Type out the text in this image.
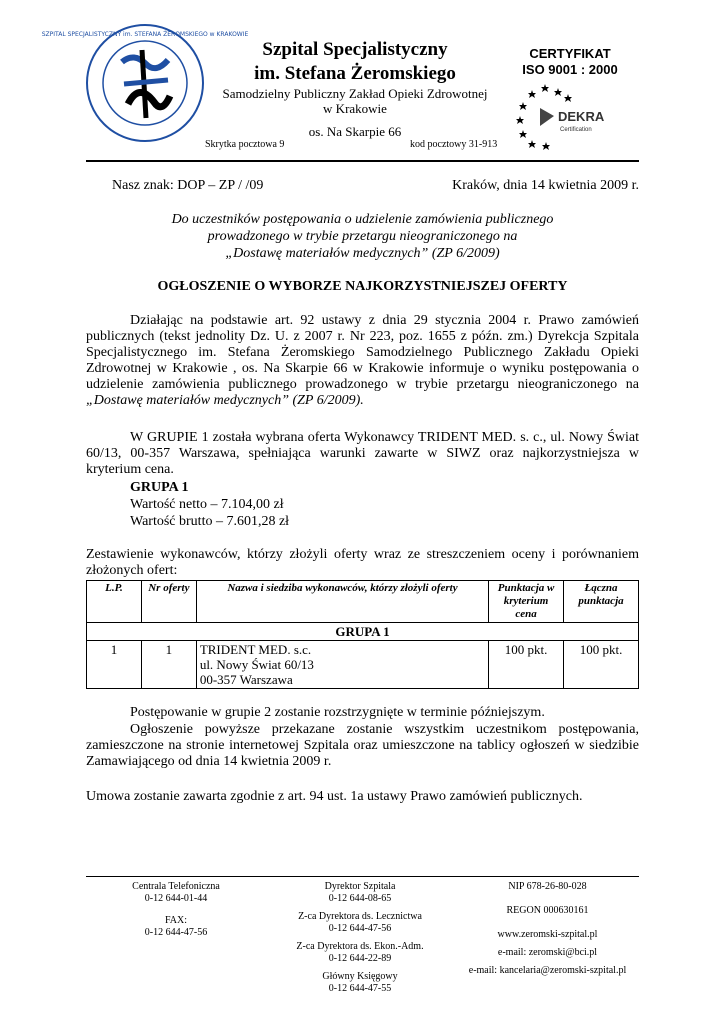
SZPITAL SPECJALISTYCZNY im. STEFANA ŻEROMSKIEGO w KRAKOWIE
Szpital Specjalistyczny
im. Stefana Żeromskiego
Samodzielny Publiczny Zakład Opieki Zdrowotnej
w Krakowie
os. Na Skarpie 66
Skrytka pocztowa 9	kod pocztowy 31-913
CERTYFIKAT
ISO 9001 : 2000
DEKRA
Certification
Nasz znak: DOP – ZP / /09	Kraków, dnia 14 kwietnia 2009 r.
Do uczestników postępowania o udzielenie zamówienia publicznego
prowadzonego w trybie przetargu nieograniczonego na
„Dostawę materiałów medycznych” (ZP 6/2009)
OGŁOSZENIE O WYBORZE NAJKORZYSTNIEJSZEJ OFERTY
Działając na podstawie art. 92 ustawy z dnia 29 stycznia 2004 r. Prawo zamówień publicznych (tekst jednolity Dz. U. z 2007 r. Nr 223, poz. 1655 z późn. zm.) Dyrekcja Szpitala Specjalistycznego im. Stefana Żeromskiego Samodzielnego Publicznego Zakładu Opieki Zdrowotnej w Krakowie , os. Na Skarpie 66 w Krakowie informuje o wyniku postępowania o udzielenie zamówienia publicznego prowadzonego w trybie przetargu nieograniczonego na „Dostawę materiałów medycznych” (ZP 6/2009).
W GRUPIE 1 została wybrana oferta Wykonawcy TRIDENT MED. s. c., ul. Nowy Świat 60/13, 00-357 Warszawa, spełniająca warunki zawarte w SIWZ oraz najkorzystniejsza w kryterium cena.
GRUPA 1
Wartość netto – 7.104,00 zł
Wartość brutto – 7.601,28 zł
Zestawienie wykonawców, którzy złożyli oferty wraz ze streszczeniem oceny i porównaniem złożonych ofert:
L.P.	Nr oferty	Nazwa i siedziba wykonawców, którzy złożyli oferty	Punktacja w kryterium cena	Łączna punktacja
GRUPA 1				
1	1	TRIDENT MED. s.c.
ul. Nowy Świat 60/13
00-357 Warszawa	100 pkt.	100 pkt.
Postępowanie w grupie 2 zostanie rozstrzygnięte w terminie późniejszym.
Ogłoszenie powyższe przekazane zostanie wszystkim uczestnikom postępowania, zamieszczone na stronie internetowej Szpitala oraz umieszczone na tablicy ogłoszeń w siedzibie Zamawiającego od dnia 14 kwietnia 2009 r.
Umowa zostanie zawarta zgodnie z art. 94 ust. 1a ustawy Prawo zamówień publicznych.
Centrala Telefoniczna
0-12 644-01-44
FAX:
0-12 644-47-56
Dyrektor Szpitala
0-12 644-08-65
Z-ca Dyrektora ds. Lecznictwa
0-12 644-47-56
Z-ca Dyrektora ds. Ekon.-Adm.
0-12 644-22-89
Główny Księgowy
0-12 644-47-55
NIP 678-26-80-028
REGON 000630161
www.zeromski-szpital.pl
e-mail: zeromski@bci.pl
e-mail: kancelaria@zeromski-szpital.pl
